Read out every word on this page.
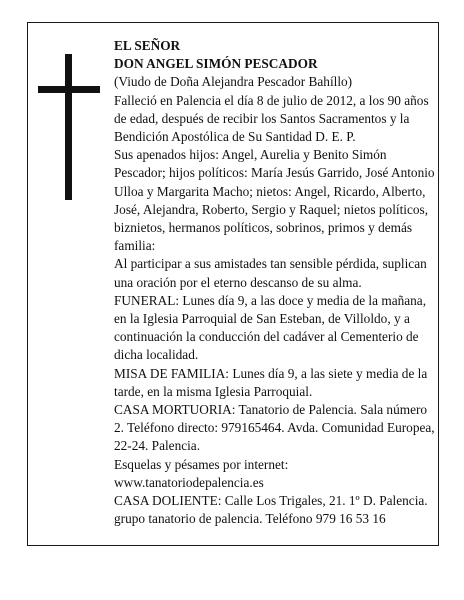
EL SEÑOR

DON ANGEL SIMÓN PESCADOR

(Viudo de Doña Alejandra Pescador Bahíllo)

Falleció en Palencia el día 8 de julio de 2012, a los 90 años de edad, después de recibir los Santos Sacramentos y la Bendición Apostólica de Su Santidad D. E. P.

Sus apenados hijos: Angel, Aurelia y Benito Simón Pescador; hijos políticos: María Jesús Garrido, José Antonio Ulloa y Margarita Macho; nietos: Angel, Ricardo, Alberto, José, Alejandra, Roberto, Sergio y Raquel; nietos políticos, biznietos, hermanos políticos, sobrinos, primos y demás familia:

Al participar a sus amistades tan sensible pérdida, suplican una oración por el eterno descanso de su alma.

FUNERAL: Lunes día 9, a las doce y media de la mañana, en la Iglesia Parroquial de San Esteban, de Villoldo, y a continuación la conducción del cadáver al Cementerio de dicha localidad.

MISA DE FAMILIA: Lunes día 9, a las siete y media de la tarde, en la misma Iglesia Parroquial.

CASA MORTUORIA: Tanatorio de Palencia. Sala número 2. Teléfono directo: 979165464. Avda. Comunidad Europea, 22-24. Palencia.

Esquelas y pésames por internet:

www.tanatoriodepalencia.es

CASA DOLIENTE: Calle Los Trigales, 21. 1º D. Palencia.

grupo tanatorio de palencia. Teléfono 979 16 53 16
